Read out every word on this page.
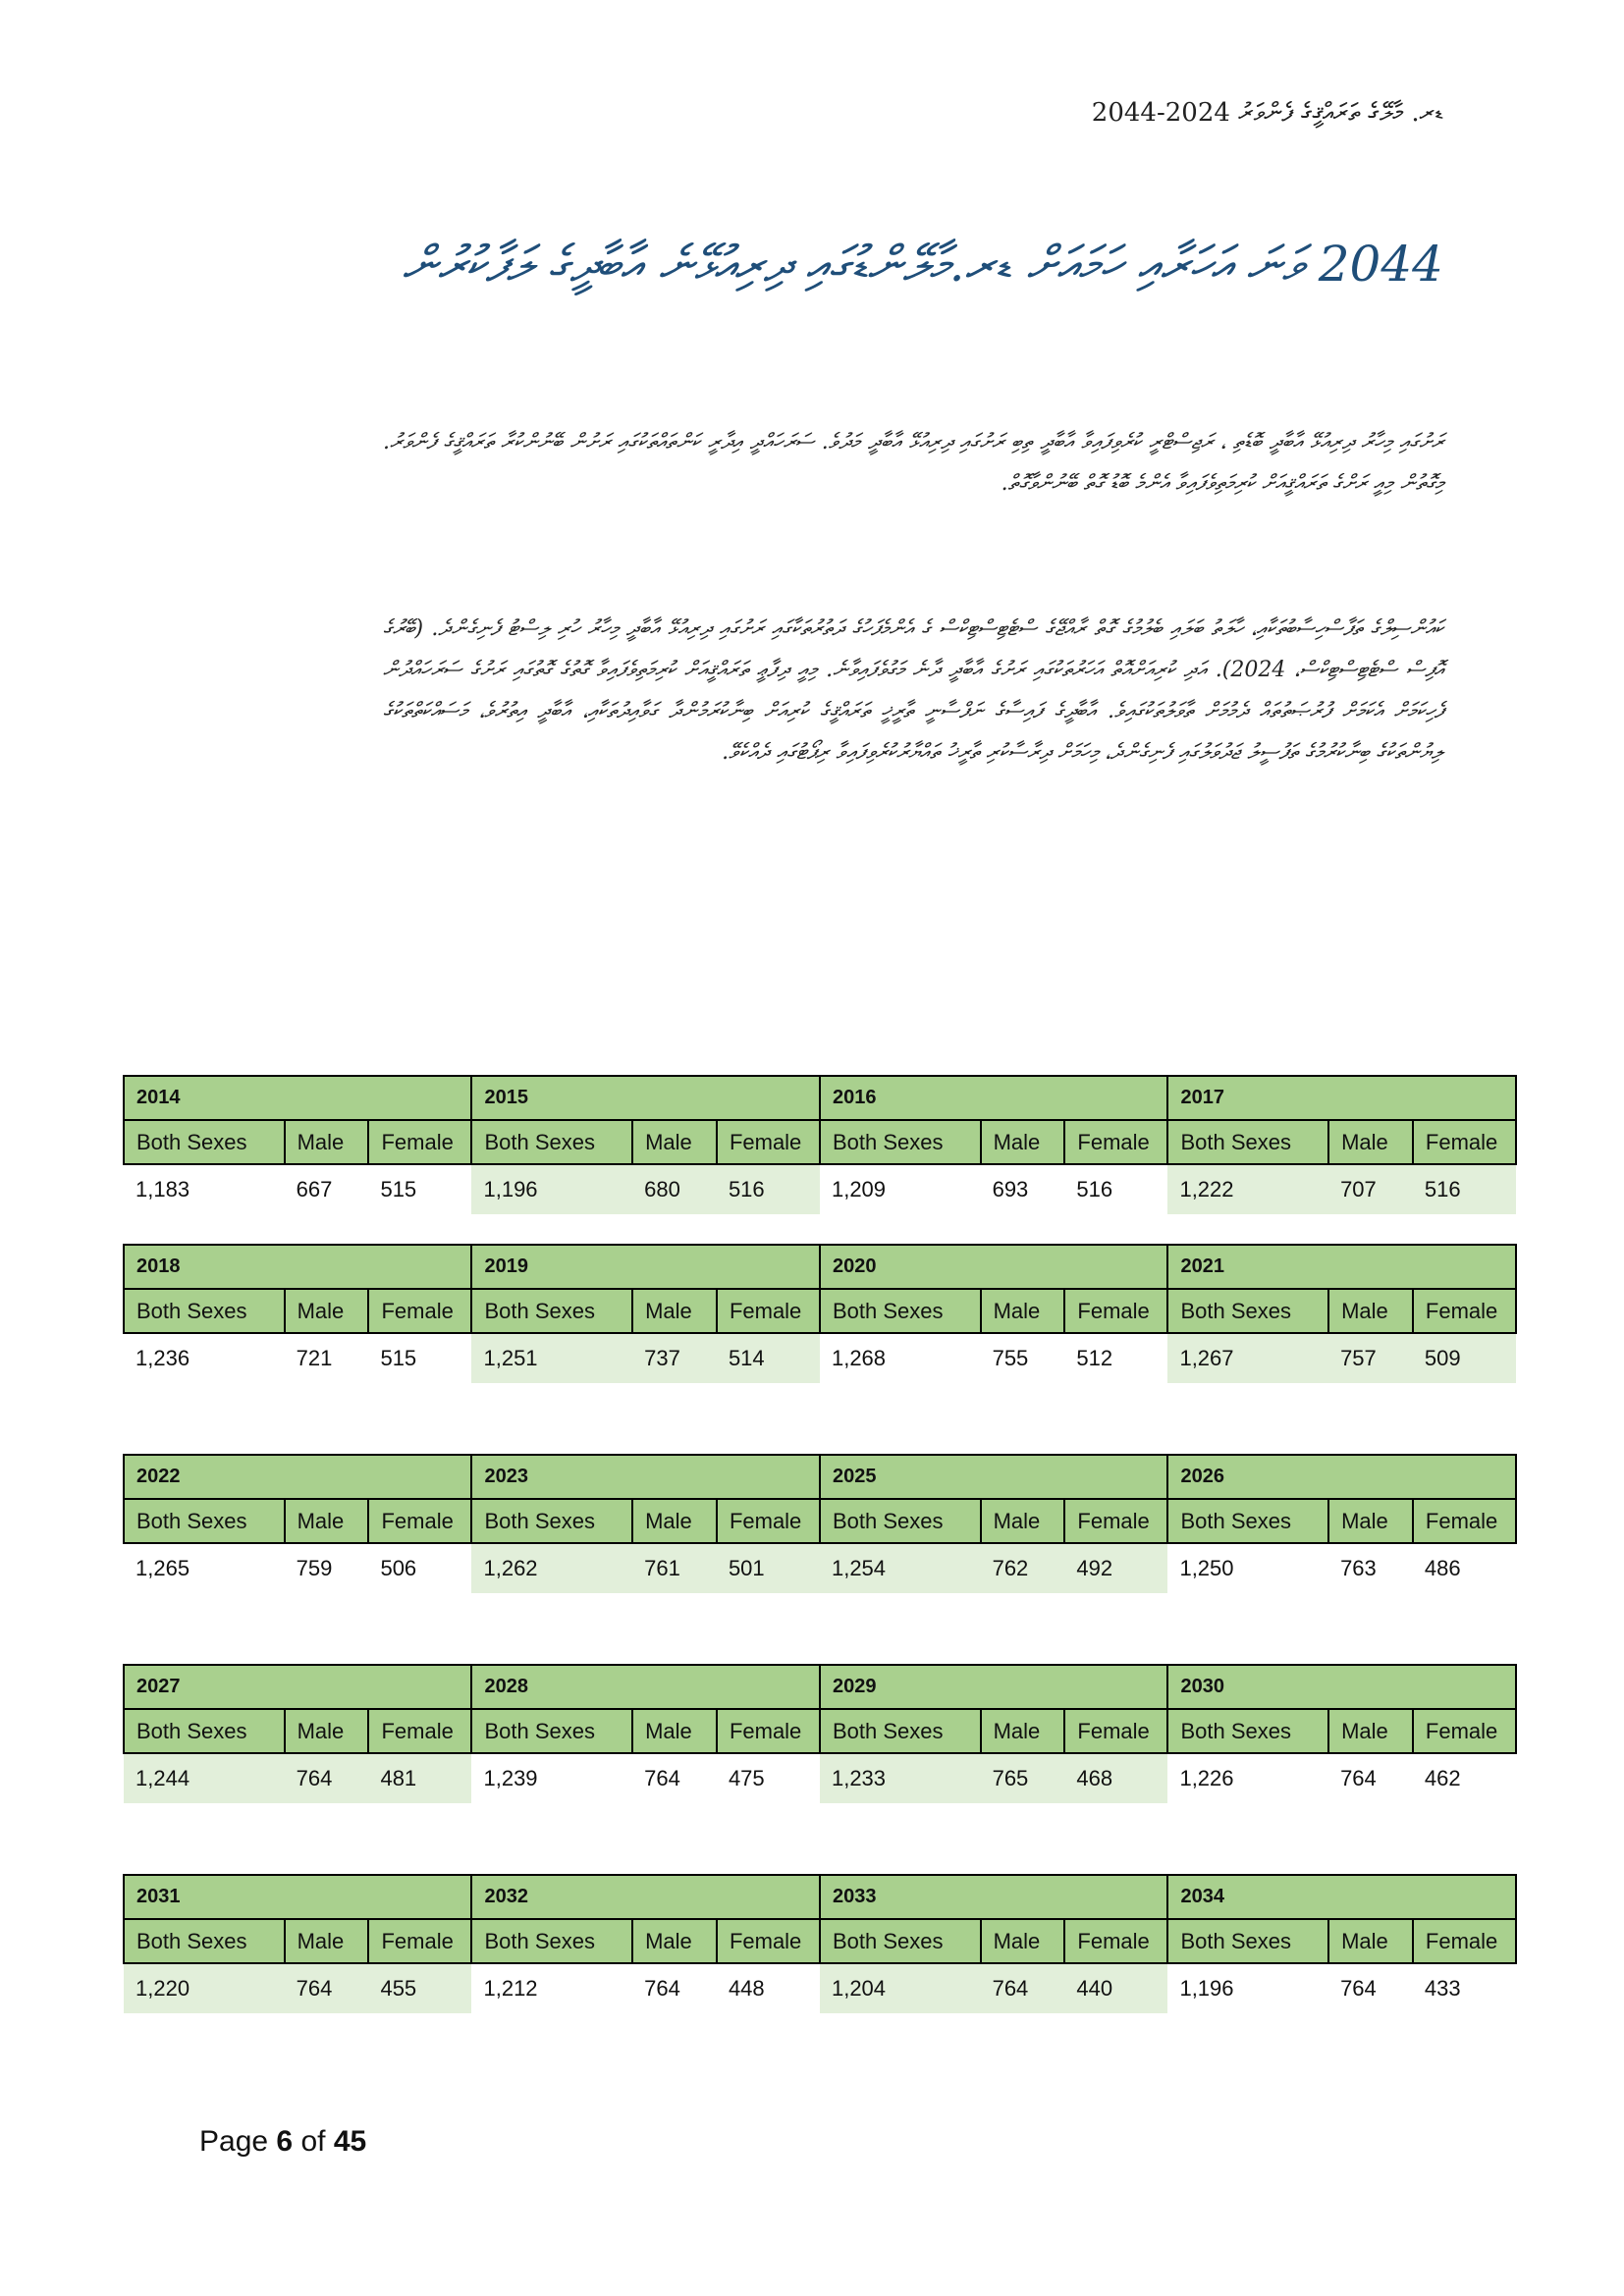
ޑރ. މާލޭގެ ތަރައްޤީގެ ފެންވަރު 2024-2044
2044 ވަނަ އަހަރާއި ހަމައަށް ޑރ.މާލޭންޑުގައި ދިރިއުޅޭނެ އާބާދީގެ ލަފާކުރުން
ރަށުގައި މިހާރު ދިރިއުޅޭ އާބާދީ ބޮޑެތި ، ރަޖިސްޓްރީ ކުރެވިފައިވާ އާބާދީ ތިބި ރަށުގައި ދިރިއުޅޭ އާބާދީ މަދުވެ. ސަރަހައްދީ އިދާރީ ކަންތައްތަކުގައި ރަށުން ބޭނުންކުރާ ތަރައްޤީގެ ފެންވަރު. މިގޮތުން މިއީ ރަށްގެ ތަރައްޤީއަށް ކުރިމަތިވެފައިވާ އެންމެ ބޮޑު ގޮތް ބޭނުންވާގޮތް.
ކައުންސިލްގެ ތަފާސްހިސާބުތަކާއި، ހާލަތު ބަލައި ބެލުމުގެ ގޮތް ރާއްޖޭގެ ސްޓެޓިސްޓިކްސް ގެ އެންމެފަހުގެ ދަތުރުތަކާގައި ރަށުގައި ދިރިއުޅޭ އާބާދީ މިހާރު ހުރި ލިސްޓު ފެނިގެންދެ. (ބޭރުގެ އޮފިސް ސްޓެޓިސްޓިކްސް، 2024). އަދި ކުރިއަށްއޮތް އަހަރުތަކުގައި ރަށުގެ އާބާދީ ދާނެ މަގުވެފައިވާނެ. މިއީ ދިފާޢީ ތަރައްޤީއަށް ކުރިމަތިވެފައިވާ ގޮތުގެ ގޮތުގައި ރަށުގެ ސަރަހައްދުން ފެހިކަމަށް އެކަމަށް ފުރުޞަތުތައް ދެމުމަށް ތާވަލުތަކުގައިވެ. އާބާދީގެ ފައިސާގެ ނަފްސާނީ ތާރީޚީ ތަރައްޤީގެ ކުރިއަށް ބިނާކުރަމުންދާ ގަވާއިދުތަކާއި، އާބާދީ އިތުރުވެ، މަސައްކަތްތަކުގެ ލިޔުންތަކުގެ ބިނާކުރުމުގެ ތަފުސީލު ޖަދުވަލުގައި ފެނިގެންދެ، މިހަމަށް ދިރާސާކުރި ތާރީޚު ތައްޔާރުކުރެވިފައިވާ ރިޕޯޓުގައި ދެއްކެވޭ.
2014			2015			2016			2017		
Both Sexes	Male	Female	Both Sexes	Male	Female	Both Sexes	Male	Female	Both Sexes	Male	Female
1,183	667	515	1,196	680	516	1,209	693	516	1,222	707	516
2018			2019			2020			2021		
Both Sexes	Male	Female	Both Sexes	Male	Female	Both Sexes	Male	Female	Both Sexes	Male	Female
1,236	721	515	1,251	737	514	1,268	755	512	1,267	757	509
2022			2023			2025			2026		
Both Sexes	Male	Female	Both Sexes	Male	Female	Both Sexes	Male	Female	Both Sexes	Male	Female
1,265	759	506	1,262	761	501	1,254	762	492	1,250	763	486
2027			2028			2029			2030		
Both Sexes	Male	Female	Both Sexes	Male	Female	Both Sexes	Male	Female	Both Sexes	Male	Female
1,244	764	481	1,239	764	475	1,233	765	468	1,226	764	462
2031			2032			2033			2034		
Both Sexes	Male	Female	Both Sexes	Male	Female	Both Sexes	Male	Female	Both Sexes	Male	Female
1,220	764	455	1,212	764	448	1,204	764	440	1,196	764	433
Page 6 of 45
